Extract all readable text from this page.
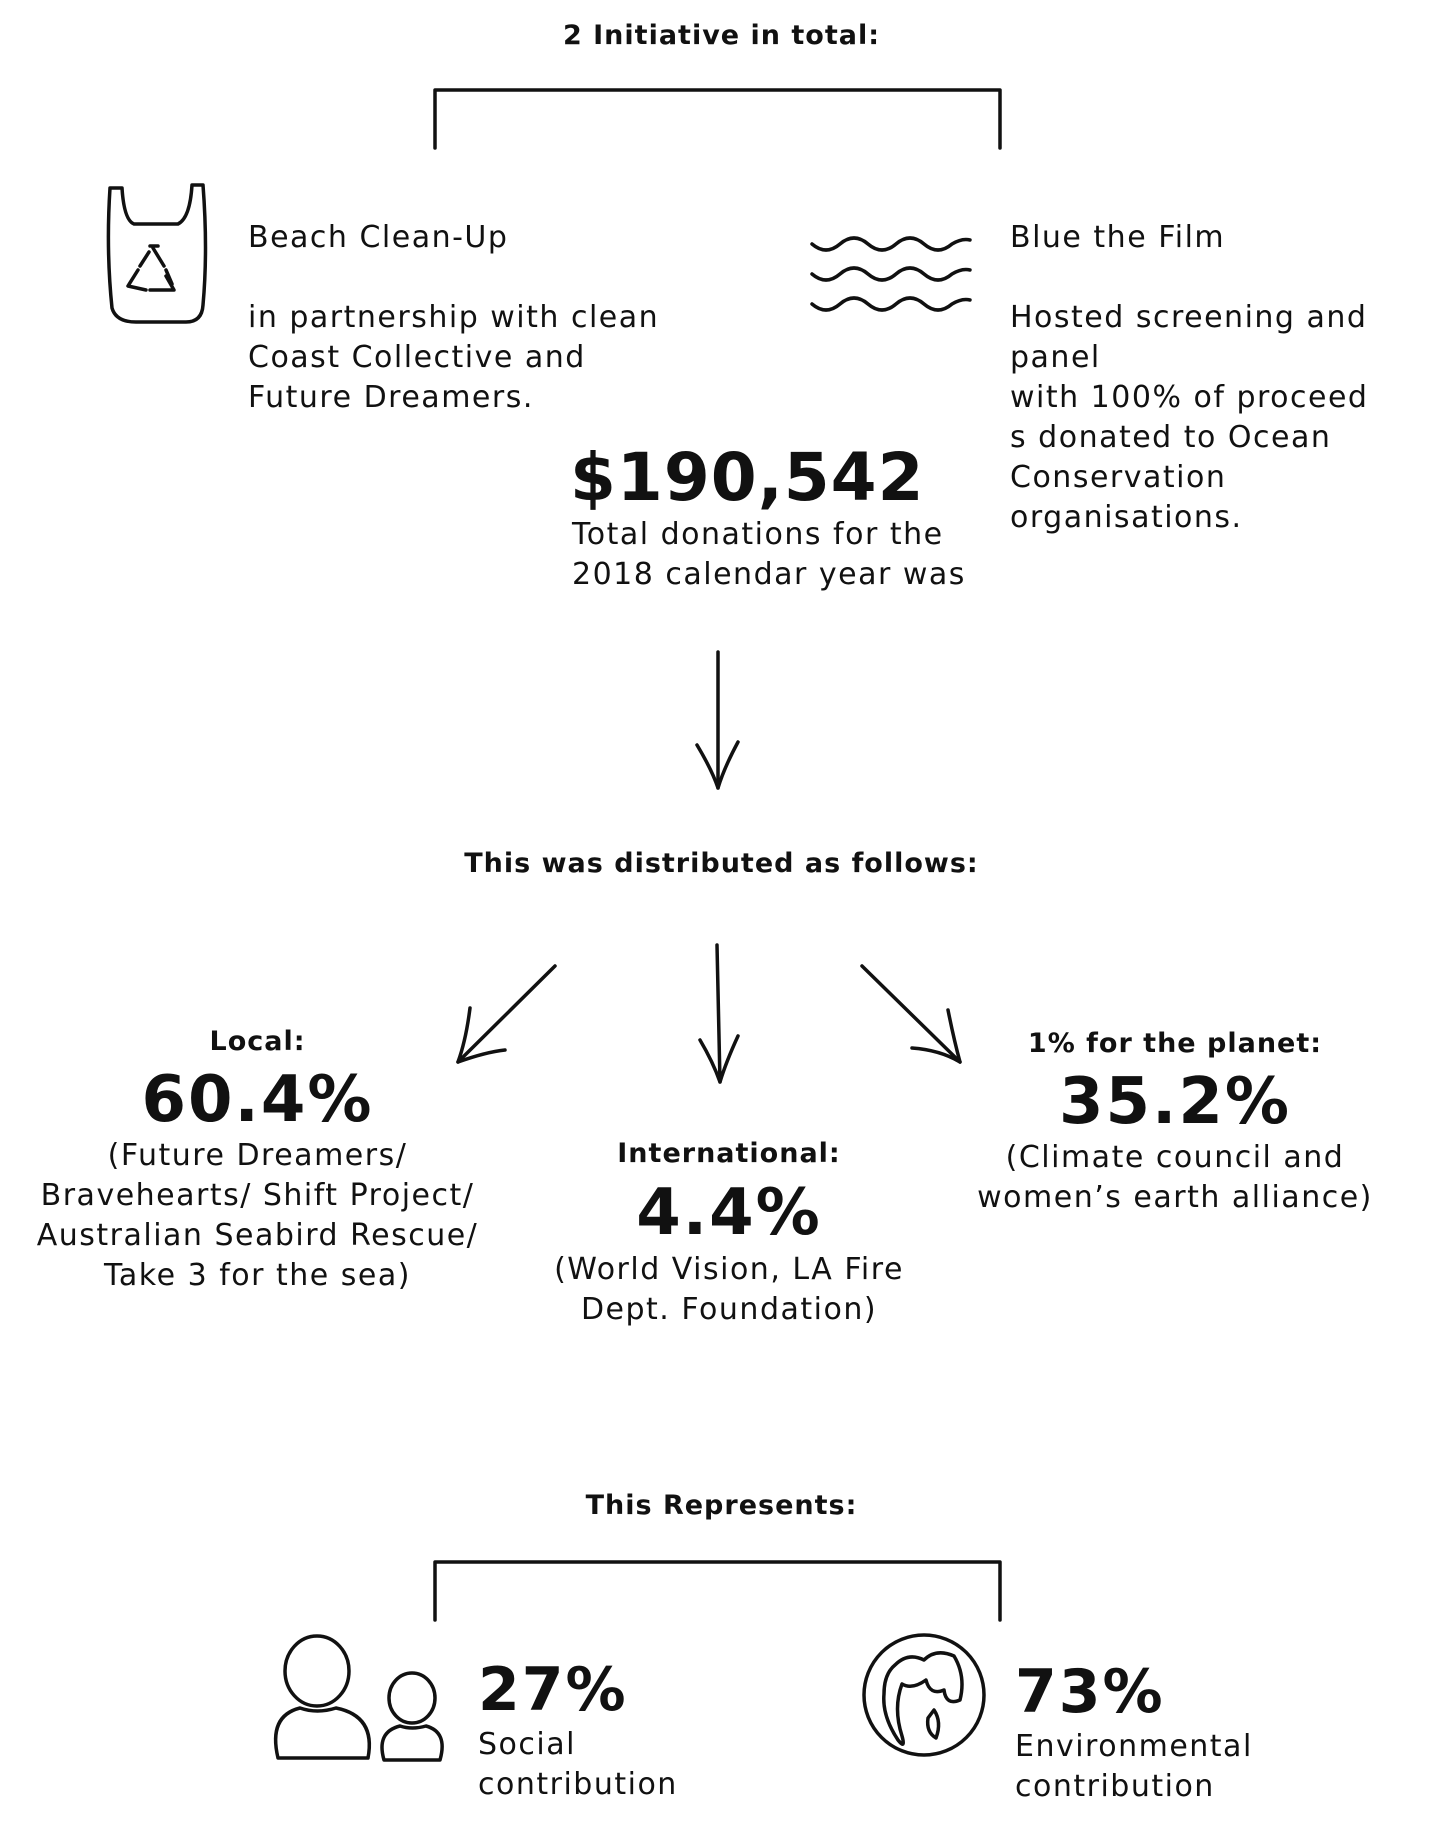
2 Initiative in total:

Beach Clean-Up

in partnership with clean
Coast Collective and
Future Dreamers.

Blue the Film

Hosted screening and panel
with 100% of proceed
s donated to Ocean
Conservation organisations.

$190,542
Total donations for the
2018 calendar year was
This was distributed as follows:
Local:
60.4%
(Future Dreamers/
Bravehearts/ Shift Project/
Australian Seabird Rescue/
Take 3 for the sea)
International:
4.4%
(World Vision, LA Fire
Dept. Foundation)
1% for the planet:
35.2%
(Climate council and
women’s earth alliance)
This Represents:
27%
Social
contribution
73%
Environmental
contribution
